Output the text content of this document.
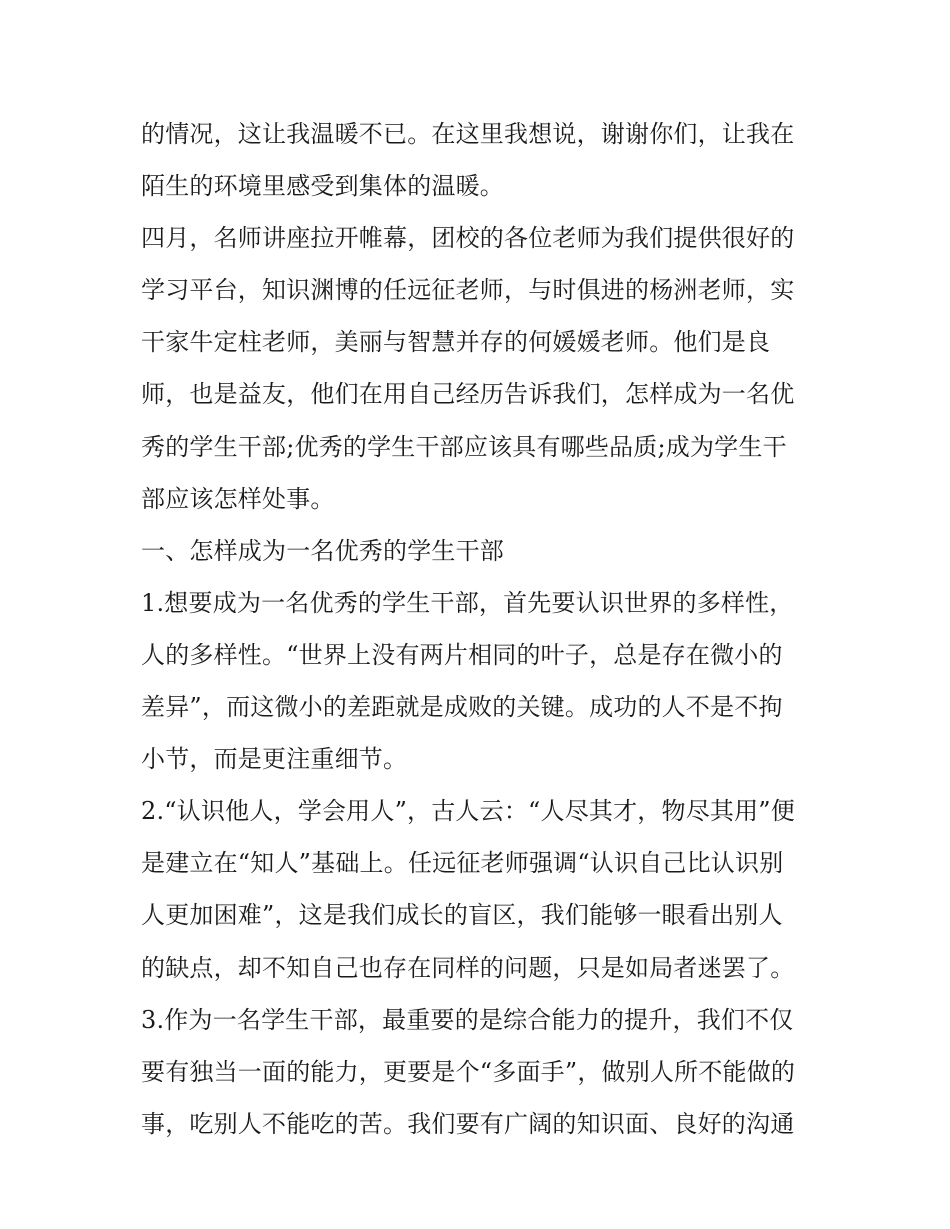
的情况，这让我温暖不已。在这里我想说，谢谢你们，让我在
陌生的环境里感受到集体的温暖。
四月，名师讲座拉开帷幕，团校的各位老师为我们提供很好的
学习平台，知识渊博的任远征老师，与时俱进的杨洲老师，实
干家牛定柱老师，美丽与智慧并存的何媛媛老师。他们是良
师，也是益友，他们在用自己经历告诉我们，怎样成为一名优
秀的学生干部;优秀的学生干部应该具有哪些品质;成为学生干
部应该怎样处事。
一、怎样成为一名优秀的学生干部
1.想要成为一名优秀的学生干部，首先要认识世界的多样性，
人的多样性。“世界上没有两片相同的叶子，总是存在微小的
差异”，而这微小的差距就是成败的关键。成功的人不是不拘
小节，而是更注重细节。
2.“认识他人，学会用人”，古人云：“人尽其才，物尽其用”便
是建立在“知人”基础上。任远征老师强调“认识自己比认识别
人更加困难”，这是我们成长的盲区，我们能够一眼看出别人
的缺点，却不知自己也存在同样的问题，只是如局者迷罢了。
3.作为一名学生干部，最重要的是综合能力的提升，我们不仅
要有独当一面的能力，更要是个“多面手”，做别人所不能做的
事，吃别人不能吃的苦。我们要有广阔的知识面、良好的沟通
